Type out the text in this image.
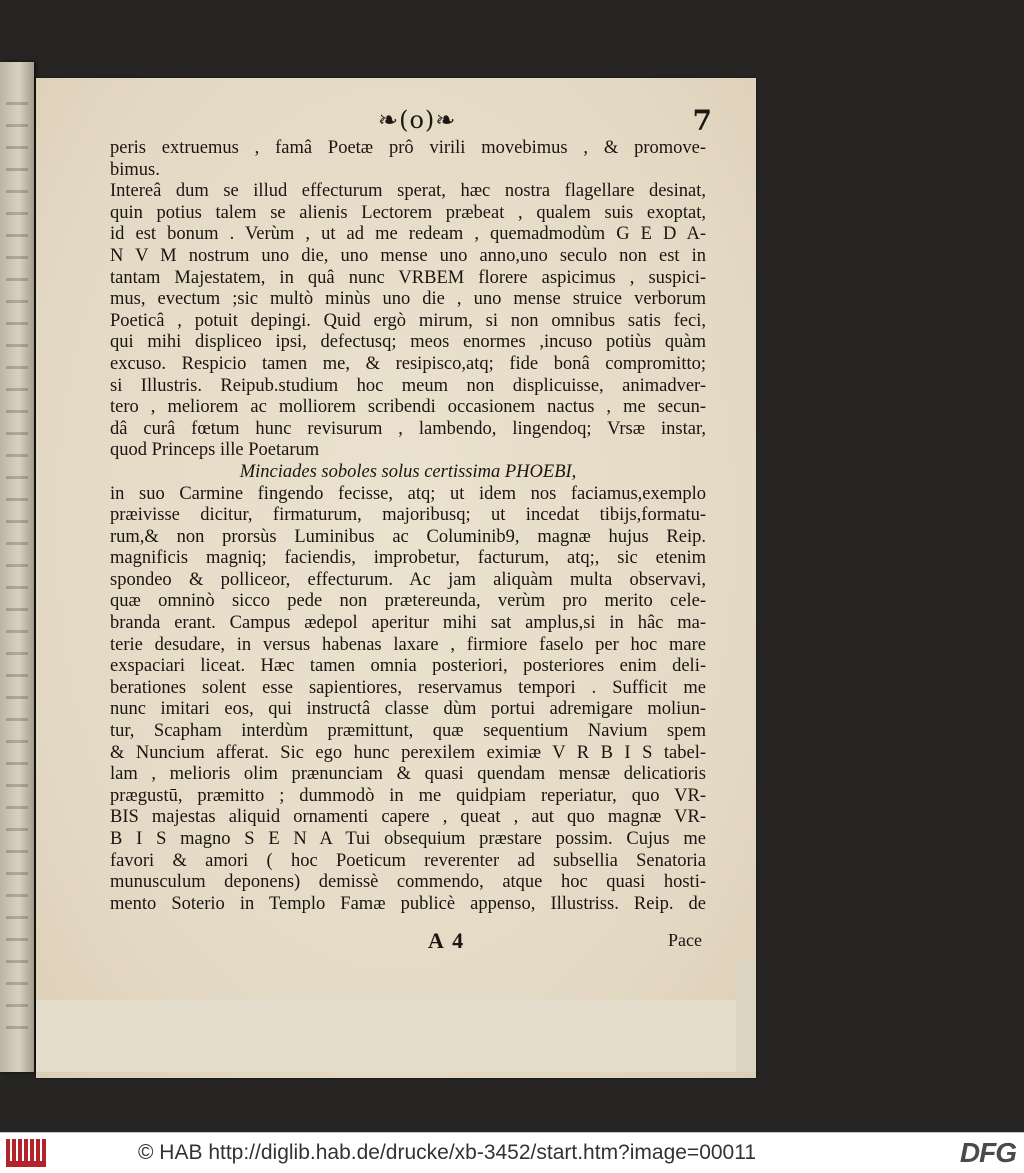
❧(o)❧	7
peris extruemus , famâ Poetæ prô virili movebimus , & promove-
bimus.
Intereâ dum se illud effecturum sperat, hæc nostra flagellare desinat,
quin potius talem se alienis Lectorem præbeat , qualem suis exoptat,
id est bonum . Verùm , ut ad me redeam , quemadmodùm G E D A-
N V M nostrum uno die, uno mense uno anno,uno seculo non est in
tantam Majestatem, in quâ nunc VRBEM florere aspicimus , suspici-
mus, evectum ;sic multò minùs uno die , uno mense struice verborum
Poeticâ , potuit depingi. Quid ergò mirum, si non omnibus satis feci,
qui mihi displiceo ipsi, defectusq; meos enormes ,incuso potiùs quàm
excuso. Respicio tamen me, & resipisco,atq; fide bonâ compromitto;
si Illustris. Reipub.studium hoc meum non displicuisse, animadver-
tero , meliorem ac molliorem scribendi occasionem nactus , me secun-
dâ curâ fœtum hunc revisurum , lambendo, lingendoq; Vrsæ instar,
quod Princeps ille Poetarum
Minciades soboles solus certissima PHOEBI,
in suo Carmine fingendo fecisse, atq; ut idem nos faciamus,exemplo
præivisse dicitur, firmaturum, majoribusq; ut incedat tibijs,formatu-
rum,& non prorsùs Luminibus ac Columinib9, magnæ hujus Reip.
magnificis magniq; faciendis, improbetur, facturum, atq;, sic etenim
spondeo & polliceor, effecturum. Ac jam aliquàm multa observavi,
quæ omninò sicco pede non prætereunda, verùm pro merito cele-
branda erant. Campus ædepol aperitur mihi sat amplus,si in hâc ma-
terie desudare, in versus habenas laxare , firmiore faselo per hoc mare
exspaciari liceat. Hæc tamen omnia posteriori, posteriores enim deli-
berationes solent esse sapientiores, reservamus tempori . Sufficit me
nunc imitari eos, qui instructâ classe dùm portui adremigare moliun-
tur, Scapham interdùm præmittunt, quæ sequentium Navium spem
& Nuncium afferat. Sic ego hunc perexilem eximiæ V R B I S tabel-
lam , melioris olim prænunciam & quasi quendam mensæ delicatioris
prægustū, præmitto ; dummodò in me quidpiam reperiatur, quo VR-
BIS majestas aliquid ornamenti capere , queat , aut quo magnæ VR-
B I S magno S E N A Tui obsequium præstare possim. Cujus me
favori & amori ( hoc Poeticum reverenter ad subsellia Senatoria
munusculum deponens) demissè commendo, atque hoc quasi hosti-
mento Soterio in Templo Famæ publicè appenso, Illustriss. Reip. de
A 4	Pace
© HAB http://diglib.hab.de/drucke/xb-3452/start.htm?image=00011	DFG
